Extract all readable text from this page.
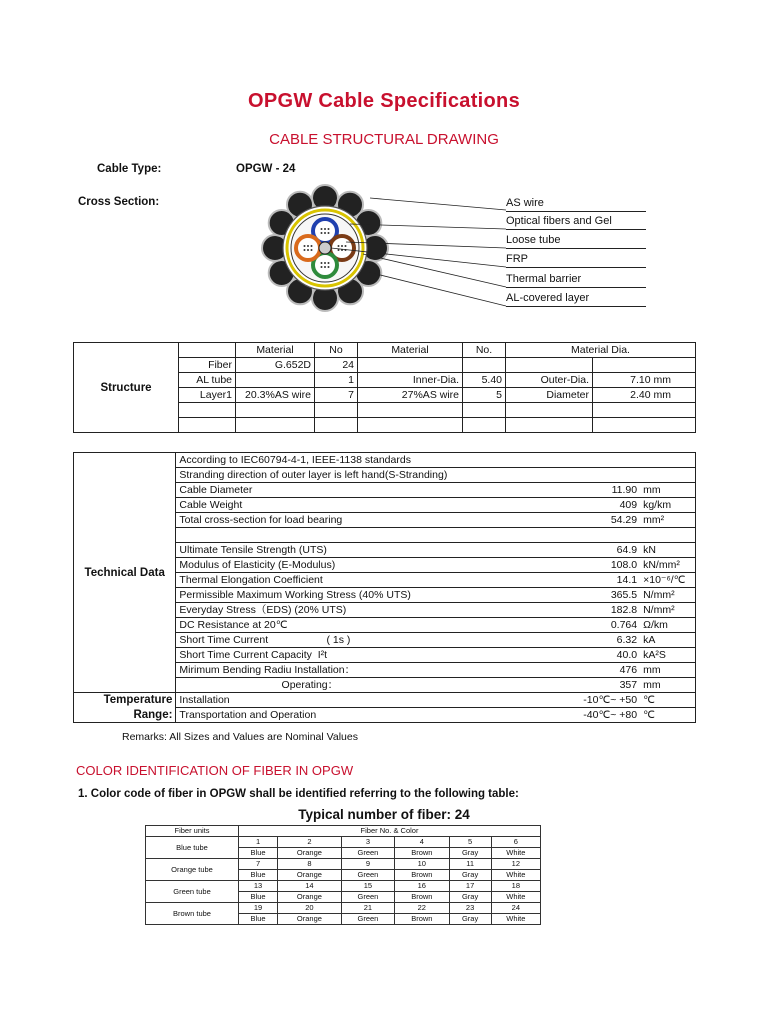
OPGW Cable Specifications
CABLE STRUCTURAL DRAWING
Cable Type:	OPGW - 24
Cross Section:	AS wire
Optical fibers and Gel
Loose tube
FRP
Thermal barrier
AL-covered layer
Structure		Material	No	Material	No.	Material Dia.	
	Fiber	G.652D	24				
	AL tube		1	Inner-Dia.	5.40	Outer-Dia.	7.10 mm
	Layer1	20.3%AS wire	7	27%AS wire	5	Diameter	2.40 mm

Technical Data	According to IEC60794-4-1, IEEE-1138 standards		
	Stranding direction of outer layer is left hand(S-Stranding)		
	Cable Diameter	11.90	mm
	Cable Weight	409	kg/km
	Total cross-section for load bearing	54.29	mm²

	Ultimate Tensile Strength (UTS)	64.9	kN
	Modulus of Elasticity (E-Modulus)	108.0	kN/mm²
	Thermal Elongation Coefficient	14.1	×10⁻⁶/℃
	Permissible Maximum Working Stress (40% UTS)	365.5	N/mm²
	Everyday Stress（EDS) (20% UTS)	182.8	N/mm²
	DC Resistance at 20℃	0.764	Ω/km
	Short Time Current                    ( 1s )	6.32	kA
	Short Time Current Capacity  I²t	40.0	kA²S
	Mirimum Bending Radiu Installation：	476	mm
	Operating：	357	mm
Temperature	Installation	-10℃~ +50	℃
Range:	Transportation and Operation	-40℃~ +80	℃
Remarks: All Sizes and Values are Nominal Values
COLOR IDENTIFICATION OF FIBER IN OPGW
1. Color code of fiber in OPGW shall be identified referring to the following table:
Typical number of fiber: 24
Fiber units	Fiber No. & Color					
Blue tube	1	2	3	4	5	6
	Blue	Orange	Green	Brown	Gray	White
Orange tube	7	8	9	10	11	12
	Blue	Orange	Green	Brown	Gray	White
Green tube	13	14	15	16	17	18
	Blue	Orange	Green	Brown	Gray	White
Brown tube	19	20	21	22	23	24
	Blue	Orange	Green	Brown	Gray	White
